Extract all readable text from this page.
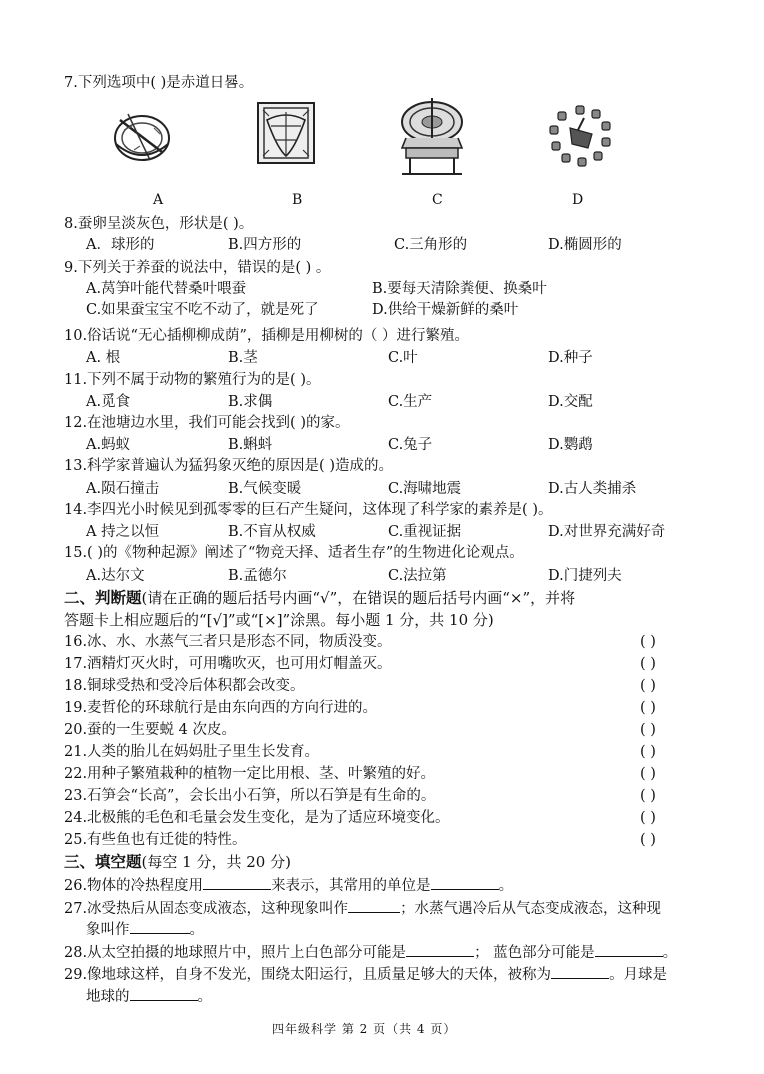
7.下列选项中( )是赤道日晷。
A	B	C	D
8.蚕卵呈淡灰色，形状是( )。
A．球形的	B.四方形的	C.三角形的	D.椭圆形的
9.下列关于养蚕的说法中，错误的是( ) 。
A.莴笋叶能代替桑叶喂蚕	B.要每天清除粪便、换桑叶
C.如果蚕宝宝不吃不动了，就是死了	D.供给干燥新鲜的桑叶
10.俗话说“无心插柳柳成荫”，插柳是用柳树的（ ）进行繁殖。
A. 根	B.茎	C.叶	D.种子
11.下列不属于动物的繁殖行为的是( )。
A.觅食	B.求偶	C.生产	D.交配
12.在池塘边水里，我们可能会找到( )的家。
A.蚂蚁	B.蝌蚪	C.兔子	D.鹦鹉
13.科学家普遍认为猛犸象灭绝的原因是( )造成的。
A.陨石撞击	B.气候变暖	C.海啸地震	D.古人类捕杀
14.李四光小时候见到孤零零的巨石产生疑问，这体现了科学家的素养是( )。
A 持之以恒	B.不盲从权威	C.重视证据	D.对世界充满好奇
15.( )的《物种起源》阐述了“物竞天择、适者生存”的生物进化论观点。
A.达尔文	B.孟德尔	C.法拉第	D.门捷列夫
二、判断题(请在正确的题后括号内画“√”，在错误的题后括号内画“×”，并将
答题卡上相应题后的“[√]”或“[×]”涂黑。每小题 1 分，共 10 分)
16.冰、水、水蒸气三者只是形态不同，物质没变。	( )
17.酒精灯灭火时，可用嘴吹灭，也可用灯帽盖灭。	( )
18.铜球受热和受冷后体积都会改变。	( )
19.麦哲伦的环球航行是由东向西的方向行进的。	( )
20.蚕的一生要蜕 4 次皮。	( )
21.人类的胎儿在妈妈肚子里生长发育。	( )
22.用种子繁殖栽种的植物一定比用根、茎、叶繁殖的好。	( )
23.石笋会“长高”，会长出小石笋，所以石笋是有生命的。	( )
24.北极熊的毛色和毛量会发生变化，是为了适应环境变化。	( )
25.有些鱼也有迁徙的特性。	( )
三、填空题(每空 1 分，共 20 分)
26.物体的冷热程度用	来表示，其常用的单位是	。
27.冰受热后从固态变成液态，这种现象叫作	；水蒸气遇冷后从气态变成液态，这种现
象叫作	。
28.从太空拍摄的地球照片中，照片上白色部分可能是	； 蓝色部分可能是	。
29.像地球这样，自身不发光，围绕太阳运行，且质量足够大的天体，被称为	。月球是
地球的	。
四年级科学 第 2 页（共 4 页）
